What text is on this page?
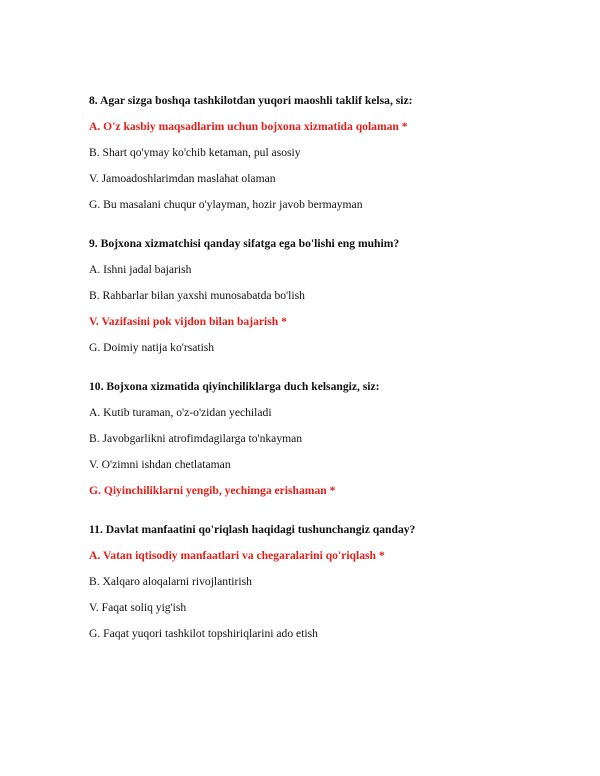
8. Agar sizga boshqa tashkilotdan yuqori maoshli taklif kelsa, siz:
A. O'z kasbiy maqsadlarim uchun bojxona xizmatida qolaman *
B. Shart qo'ymay ko'chib ketaman, pul asosiy
V. Jamoadoshlarimdan maslahat olaman
G. Bu masalani chuqur o'ylayman, hozir javob bermayman
9. Bojxona xizmatchisi qanday sifatga ega bo'lishi eng muhim?
A. Ishni jadal bajarish
B. Rahbarlar bilan yaxshi munosabatda bo'lish
V. Vazifasini pok vijdon bilan bajarish *
G. Doimiy natija ko'rsatish
10. Bojxona xizmatida qiyinchiliklarga duch kelsangiz, siz:
A. Kutib turaman, o'z-o'zidan yechiladi
B. Javobgarlikni atrofimdagilarga to'nkayman
V. O'zimni ishdan chetlataman
G. Qiyinchiliklarni yengib, yechimga erishaman *
11. Davlat manfaatini qo'riqlash haqidagi tushunchangiz qanday?
A. Vatan iqtisodiy manfaatlari va chegaralarini qo'riqlash *
B. Xalqaro aloqalarni rivojlantirish
V. Faqat soliq yig'ish
G. Faqat yuqori tashkilot topshiriqlarini ado etish
